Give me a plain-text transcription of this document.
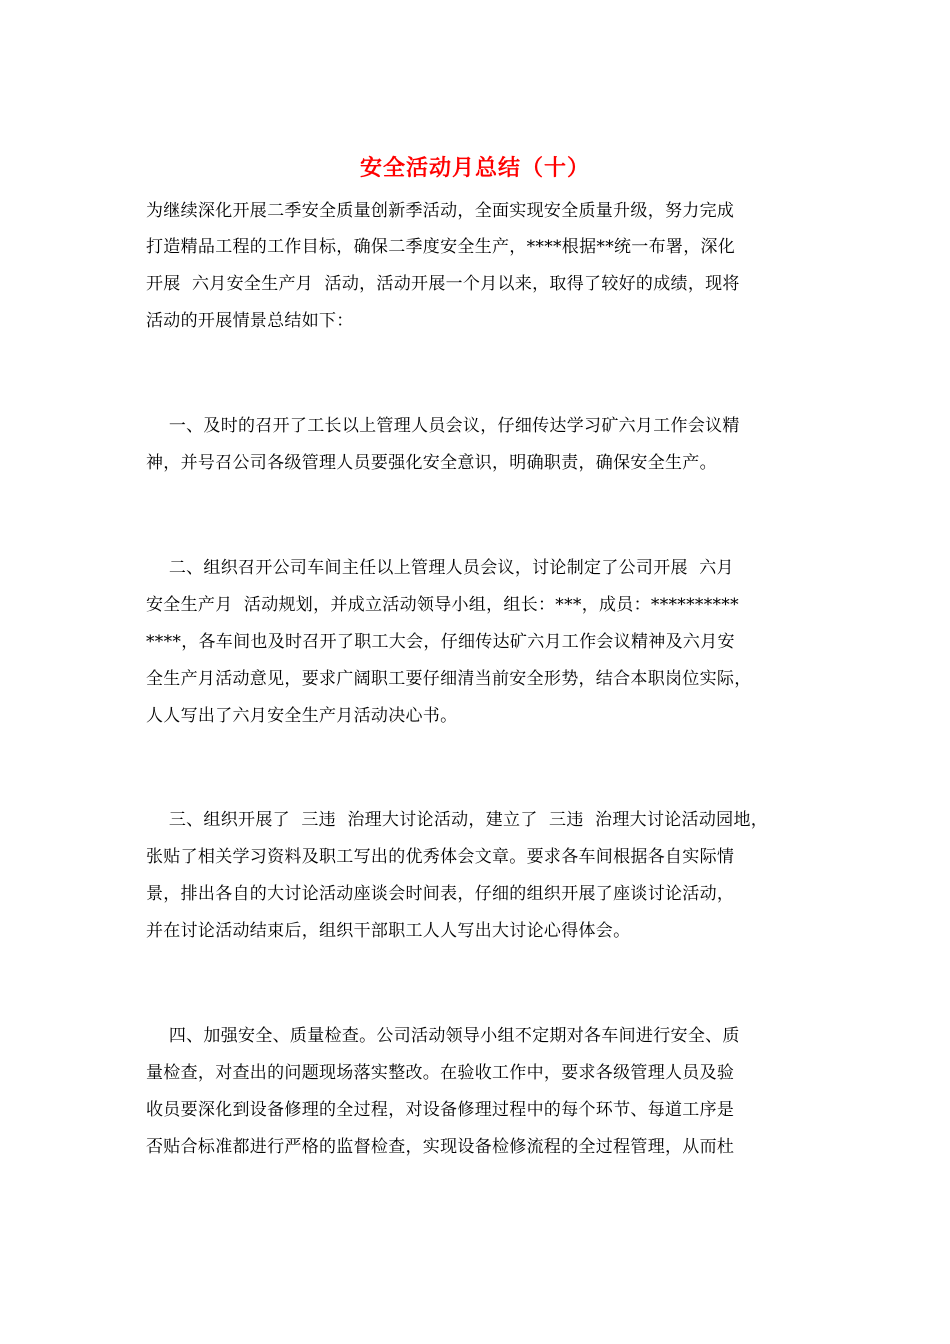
安全活动月总结（十）
为继续深化开展二季安全质量创新季活动，全面实现安全质量升级，努力完成
打造精品工程的工作目标，确保二季度安全生产，****根据**统一布署，深化
开展  六月安全生产月  活动，活动开展一个月以来，取得了较好的成绩，现将
活动的开展情景总结如下：
一、及时的召开了工长以上管理人员会议，仔细传达学习矿六月工作会议精
神，并号召公司各级管理人员要强化安全意识，明确职责，确保安全生产。
二、组织召开公司车间主任以上管理人员会议，讨论制定了公司开展  六月
安全生产月  活动规划，并成立活动领导小组，组长：***，成员：**********
****，各车间也及时召开了职工大会，仔细传达矿六月工作会议精神及六月安
全生产月活动意见，要求广阔职工要仔细清当前安全形势，结合本职岗位实际，
人人写出了六月安全生产月活动决心书。
三、组织开展了  三违  治理大讨论活动，建立了  三违  治理大讨论活动园地，
张贴了相关学习资料及职工写出的优秀体会文章。要求各车间根据各自实际情
景，排出各自的大讨论活动座谈会时间表，仔细的组织开展了座谈讨论活动，
并在讨论活动结束后，组织干部职工人人写出大讨论心得体会。
四、加强安全、质量检查。公司活动领导小组不定期对各车间进行安全、质
量检查，对查出的问题现场落实整改。在验收工作中，要求各级管理人员及验
收员要深化到设备修理的全过程，对设备修理过程中的每个环节、每道工序是
否贴合标准都进行严格的监督检查，实现设备检修流程的全过程管理，从而杜
